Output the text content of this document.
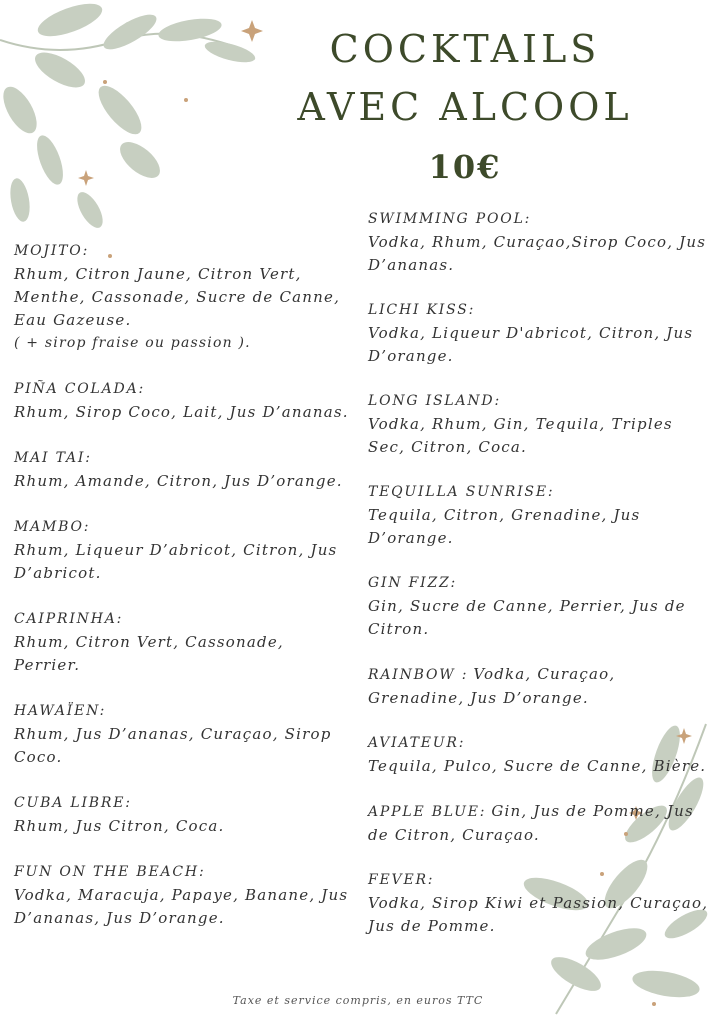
COCKTAILS
AVEC ALCOOL
10€
MOJITO:
Rhum, Citron Jaune, Citron Vert, Menthe, Cassonade, Sucre de Canne, Eau Gazeuse.
( + sirop fraise ou passion ).
PIÑA COLADA:
Rhum, Sirop Coco, Lait, Jus D’ananas.
MAI TAI:
Rhum, Amande, Citron, Jus D’orange.
MAMBO:
Rhum, Liqueur D’abricot, Citron, Jus D’abricot.
CAIPRINHA:
Rhum, Citron Vert, Cassonade, Perrier.
HAWAÏEN:
Rhum, Jus D’ananas, Curaçao, Sirop Coco.
CUBA LIBRE:
Rhum, Jus Citron, Coca.
FUN ON THE BEACH:
Vodka, Maracuja, Papaye, Banane, Jus D’ananas, Jus D’orange.
SWIMMING POOL:
Vodka, Rhum, Curaçao,Sirop Coco, Jus D’ananas.
LICHI KISS:
Vodka, Liqueur D'abricot, Citron, Jus D’orange.
LONG ISLAND:
Vodka, Rhum, Gin, Tequila, Triples Sec, Citron, Coca.
TEQUILLA SUNRISE:
Tequila, Citron, Grenadine, Jus D’orange.
GIN FIZZ:
Gin, Sucre de Canne, Perrier, Jus de Citron.
RAINBOW : Vodka, Curaçao, Grenadine, Jus D’orange.
AVIATEUR:
Tequila, Pulco, Sucre de Canne, Bière.
APPLE BLUE: Gin, Jus de Pomme, Jus de Citron, Curaçao.
FEVER:
Vodka, Sirop Kiwi et Passion, Curaçao, Jus de Pomme.
Taxe et service compris, en euros TTC
